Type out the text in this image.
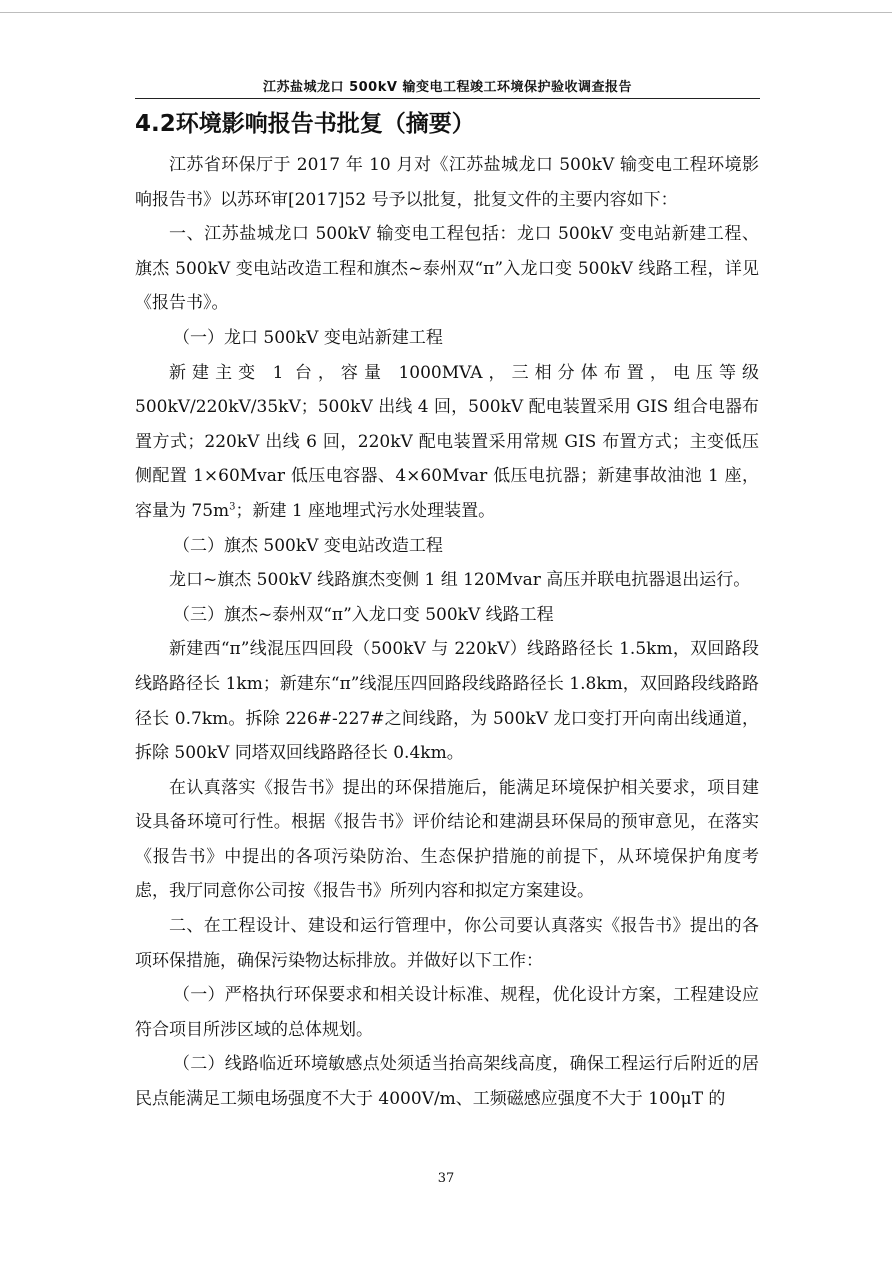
江苏盐城龙口 500kV 输变电工程竣工环境保护验收调查报告
4.2环境影响报告书批复（摘要）

江苏省环保厅于 2017 年 10 月对《江苏盐城龙口 500kV 输变电工程环境影响报告书》以苏环审[2017]52 号予以批复，批复文件的主要内容如下：

一、江苏盐城龙口 500kV 输变电工程包括：龙口 500kV 变电站新建工程、旗杰 500kV 变电站改造工程和旗杰~泰州双“π”入龙口变 500kV 线路工程，详见《报告书》。

（一）龙口 500kV 变电站新建工程

新建主变 1 台，容量 1000MVA，三相分体布置，电压等级 500kV/220kV/35kV；500kV 出线 4 回，500kV 配电装置采用 GIS 组合电器布置方式；220kV 出线 6 回，220kV 配电装置采用常规 GIS 布置方式；主变低压侧配置 1×60Mvar 低压电容器、4×60Mvar 低压电抗器；新建事故油池 1 座，容量为 $75m^3$；新建 1 座地埋式污水处理装置。

（二）旗杰 500kV 变电站改造工程

龙口~旗杰 500kV 线路旗杰变侧 1 组 120Mvar 高压并联电抗器退出运行。

（三）旗杰~泰州双“π”入龙口变 500kV 线路工程

新建西“π”线混压四回段（500kV 与 220kV）线路路径长 1.5km，双回路段线路路径长 1km；新建东“π”线混压四回路段线路路径长 1.8km，双回路段线路路径长 0.7km。拆除 226#-227#之间线路，为 500kV 龙口变打开向南出线通道，拆除 500kV 同塔双回线路路径长 0.4km。

在认真落实《报告书》提出的环保措施后，能满足环境保护相关要求，项目建设具备环境可行性。根据《报告书》评价结论和建湖县环保局的预审意见，在落实《报告书》中提出的各项污染防治、生态保护措施的前提下，从环境保护角度考虑，我厅同意你公司按《报告书》所列内容和拟定方案建设。

二、在工程设计、建设和运行管理中，你公司要认真落实《报告书》提出的各项环保措施，确保污染物达标排放。并做好以下工作：

（一）严格执行环保要求和相关设计标准、规程，优化设计方案，工程建设应符合项目所涉区域的总体规划。

（二）线路临近环境敏感点处须适当抬高架线高度，确保工程运行后附近的居民点能满足工频电场强度不大于 4000V/m、工频磁感应强度不大于 100μT 的

37
